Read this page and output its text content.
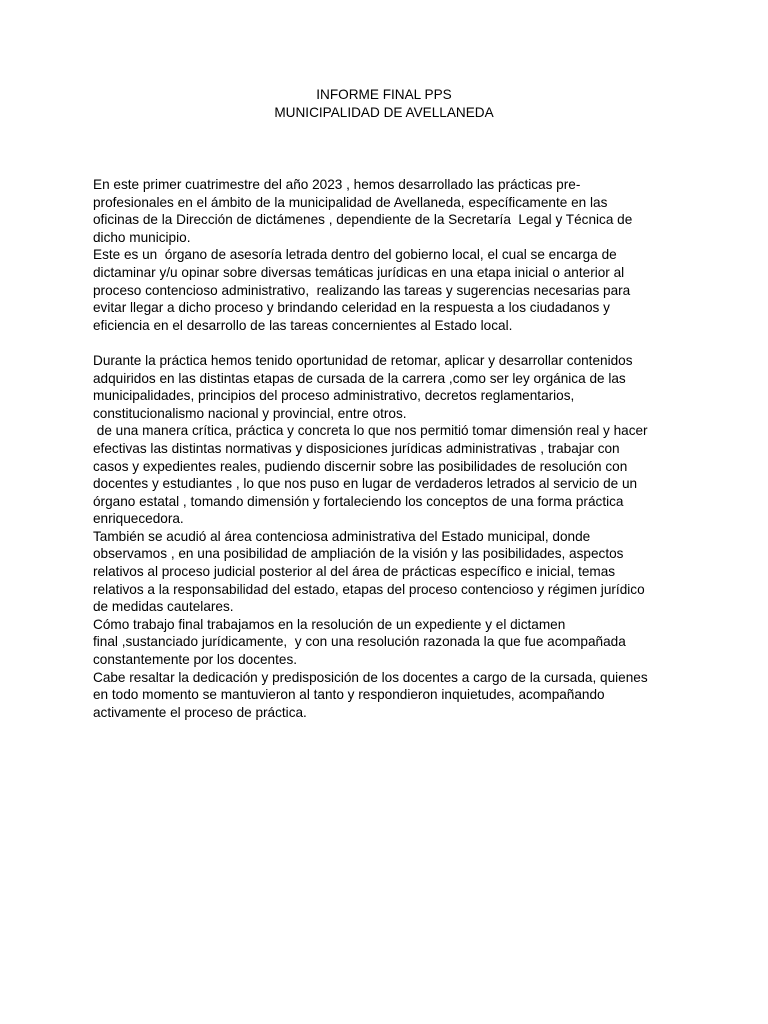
INFORME FINAL PPS
MUNICIPALIDAD DE AVELLANEDA
En este primer cuatrimestre del año 2023 , hemos desarrollado las prácticas pre-
profesionales en el ámbito de la municipalidad de Avellaneda, específicamente en las
oficinas de la Dirección de dictámenes , dependiente de la Secretaría  Legal y Técnica de
dicho municipio.
Este es un  órgano de asesoría letrada dentro del gobierno local, el cual se encarga de
dictaminar y/u opinar sobre diversas temáticas jurídicas en una etapa inicial o anterior al
proceso contencioso administrativo,  realizando las tareas y sugerencias necesarias para
evitar llegar a dicho proceso y brindando celeridad en la respuesta a los ciudadanos y
eficiencia en el desarrollo de las tareas concernientes al Estado local.
Durante la práctica hemos tenido oportunidad de retomar, aplicar y desarrollar contenidos
adquiridos en las distintas etapas de cursada de la carrera ,como ser ley orgánica de las
municipalidades, principios del proceso administrativo, decretos reglamentarios,
constitucionalismo nacional y provincial, entre otros.
de una manera crítica, práctica y concreta lo que nos permitió tomar dimensión real y hacer
efectivas las distintas normativas y disposiciones jurídicas administrativas , trabajar con
casos y expedientes reales, pudiendo discernir sobre las posibilidades de resolución con
docentes y estudiantes , lo que nos puso en lugar de verdaderos letrados al servicio de un
órgano estatal , tomando dimensión y fortaleciendo los conceptos de una forma práctica
enriquecedora.
También se acudió al área contenciosa administrativa del Estado municipal, donde
observamos , en una posibilidad de ampliación de la visión y las posibilidades, aspectos
relativos al proceso judicial posterior al del área de prácticas específico e inicial, temas
relativos a la responsabilidad del estado, etapas del proceso contencioso y régimen jurídico
de medidas cautelares.
Cómo trabajo final trabajamos en la resolución de un expediente y el dictamen
final ,sustanciado jurídicamente,  y con una resolución razonada la que fue acompañada
constantemente por los docentes.
Cabe resaltar la dedicación y predisposición de los docentes a cargo de la cursada, quienes
en todo momento se mantuvieron al tanto y respondieron inquietudes, acompañando
activamente el proceso de práctica.
